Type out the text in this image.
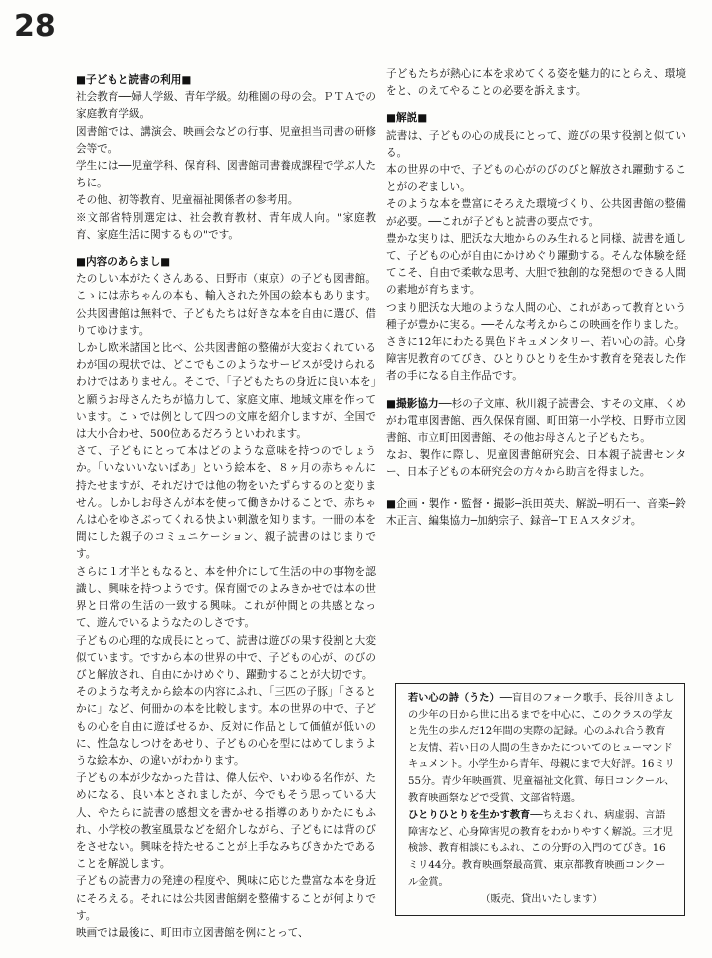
28

■子どもと読書の利用■

社会教育──婦人学級、青年学級。幼稚園の母の会。ＰＴＡでの家庭教育学級。

図書館では、講演会、映画会などの行事、児童担当司書の研修会等で。

学生には──児童学科、保育科、図書館司書養成課程で学ぶ人たちに。

その他、初等教育、児童福祉関係者の参考用。

※文部省特別選定は、社会教育教材、青年成人向。"家庭教育、家庭生活に関するもの"です。

■内容のあらまし■

たのしい本がたくさんある、日野市（東京）の子ども図書館。こゝには赤ちゃんの本も、輸入された外国の絵本もあります。公共図書館は無料で、子どもたちは好きな本を自由に選び、借りてゆけます。

しかし欧米諸国と比べ、公共図書館の整備が大変おくれているわが国の現状では、どこでもこのようなサービスが受けられるわけではありません。そこで、「子どもたちの身近に良い本を」と願うお母さんたちが協力して、家庭文庫、地域文庫を作っています。こゝでは例として四つの文庫を紹介しますが、全国では大小合わせ、500位あるだろうといわれます。

さて、子どもにとって本はどのような意味を持つのでしょうか。「いないいないばあ」という絵本を、８ヶ月の赤ちゃんに持たせますが、それだけでは他の物をいたずらするのと変りません。しかしお母さんが本を使って働きかけることで、赤ちゃんは心をゆさぶってくれる快よい刺激を知ります。一冊の本を間にした親子のコミュニケーション、親子読書のはじまりです。

さらに１才半ともなると、本を仲介にして生活の中の事物を認識し、興味を持つようです。保育園でのよみきかせでは本の世界と日常の生活の一致する興味。これが仲間との共感となって、遊んでいるようなたのしさです。

子どもの心理的な成長にとって、読書は遊びの果す役割と大変似ています。ですから本の世界の中で、子どもの心が、のびのびと解放され、自由にかけめぐり、躍動することが大切です。

そのような考えから絵本の内容にふれ、「三匹の子豚」「さるとかに」など、何冊かの本を比較します。本の世界の中で、子どもの心を自由に遊ばせるか、反対に作品として価値が低いのに、性急なしつけをあせり、子どもの心を型にはめてしまうような絵本か、の違いがわかります。

子どもの本が少なかった昔は、偉人伝や、いわゆる名作が、ためになる、良い本とされましたが、今でもそう思っている大人、やたらに読書の感想文を書かせる指導のありかたにもふれ、小学校の教室風景などを紹介しながら、子どもには背のびをさせない。興味を持たせることが上手なみちびきかたであることを解説します。

子どもの読書力の発達の程度や、興味に応じた豊富な本を身近にそろえる。それには公共図書館網を整備することが何よりです。

映画では最後に、町田市立図書館を例にとって、

子どもたちが熱心に本を求めてくる姿を魅力的にとらえ、環境をと、のえてやることの必要を訴えます。

■解説■

読書は、子どもの心の成長にとって、遊びの果す役割と似ている。

本の世界の中で、子どもの心がのびのびと解放され躍動することがのぞましい。

そのような本を豊富にそろえた環境づくり、公共図書館の整備が必要。──これが子どもと読書の要点です。

豊かな実りは、肥沃な大地からのみ生れると同様、読書を通して、子どもの心が自由にかけめぐり躍動する。そんな体験を経てこそ、自由で柔軟な思考、大胆で独創的な発想のできる人間の素地が育ちます。

つまり肥沃な大地のような人間の心、これがあって教育という種子が豊かに実る。──そんな考えからこの映画を作りました。

さきに12年にわたる異色ドキュメンタリー、若い心の詩。心身障害児教育のてびき、ひとりひとりを生かす教育を発表した作者の手になる自主作品です。

■撮影協力──杉の子文庫、秋川親子読書会、すその文庫、くめがわ電車図書館、西久保保育園、町田第一小学校、日野市立図書館、市立町田図書館、その他お母さんと子どもたち。

なお、製作に際し、児童図書館研究会、日本親子読書センター、日本子どもの本研究会の方々から助言を得ました。

■企画・製作・監督・撮影─浜田英夫、解説─明石一、音楽─鈴木正言、編集協力─加納宗子、録音─ＴＥＡスタジオ。

若い心の詩（うた）──盲目のフォーク歌手、長谷川きよしの少年の日から世に出るまでを中心に、このクラスの学友と先生の歩んだ12年間の実際の記録。心のふれ合う教育と友情、若い日の人間の生きかたについてのヒューマンドキュメント。小学生から青年、母親にまで大好評。16ミリ55分。青少年映画賞、児童福祉文化賞、毎日コンクール、教育映画祭などで受賞、文部省特選。

ひとりひとりを生かす教育──ちえおくれ、病虚弱、言語障害など、心身障害児の教育をわかりやすく解説。三才児検診、教育相談にもふれ、この分野の入門のてびき。16ミリ44分。教育映画祭最高賞、東京都教育映画コンクール金賞。

（販売、貸出いたします）
